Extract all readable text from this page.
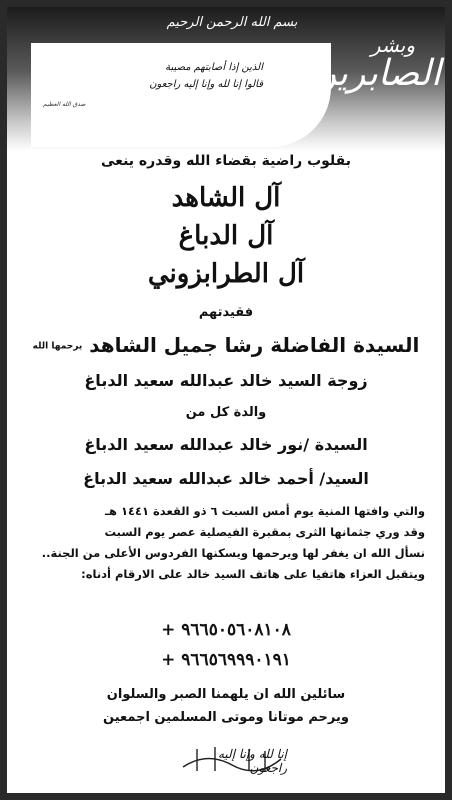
بسم الله الرحمن الرحيم
الذين إذا أصابتهم مصيبة
قالوا إنا لله وإنا إليه راجعون
صدق الله العظيم
وبشر
الصابرين
بقلوب راضية بقضاء الله وقدره ينعى
آل الشاهد
آل الدباغ
آل الطرابزوني
فقيدتهم
السيدة الفاضلة رشا جميل الشاهد يرحمها الله
زوجة السيد خالد عبدالله سعيد الدباغ
والدة كل من
السيدة /نور خالد عبدالله سعيد الدباغ
السيد/ أحمد خالد عبدالله سعيد الدباغ
والتي وافتها المنية يوم أمس السبت ٦ ذو القعدة ١٤٤١ هـ
وقد وري جثمانها الثرى بمقبرة الفيصلية عصر يوم السبت
نسأل الله ان يغفر لها ويرحمها ويسكنها الفردوس الأعلى من الجنة..
ويتقبل العزاء هاتفيا على هاتف السيد خالد على الارقام أدناه:
+ ٩٦٦٥٠٥٦٠٨١٠٨
+ ٩٦٦٥٦٩٩٩٠١٩١
سائلين الله ان يلهمنا الصبر والسلوان
ويرحم موتانا وموتى المسلمين اجمعين
إنا لله وإنا إليه راجعون
